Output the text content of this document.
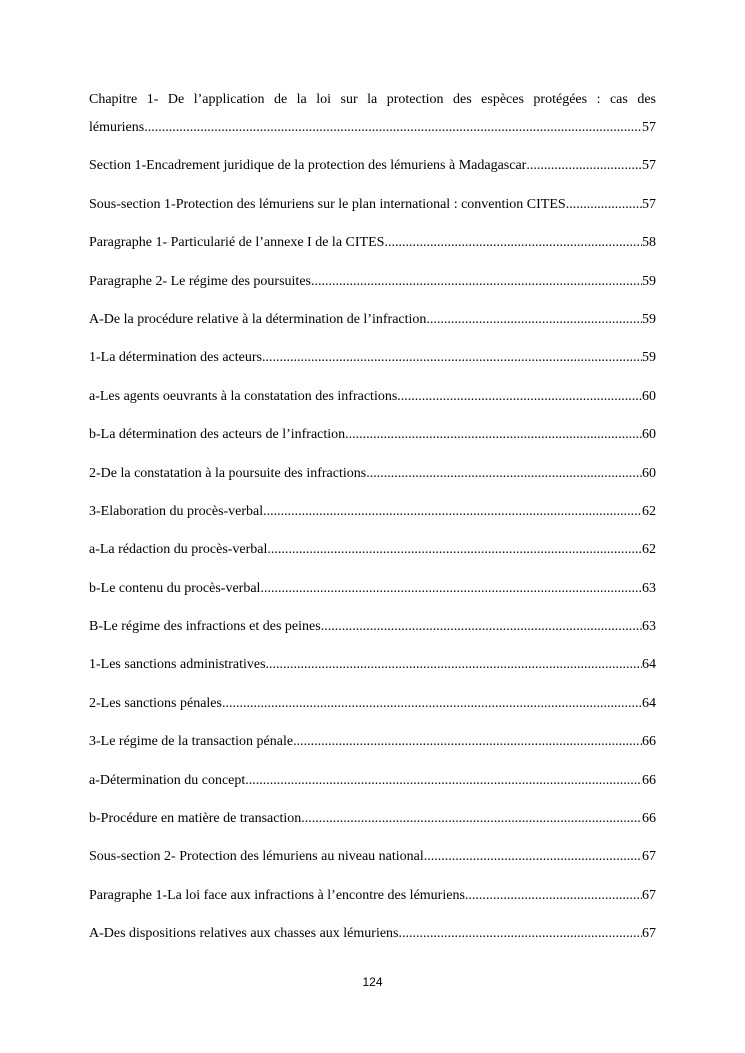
Chapitre 1- De l’application de la loi sur la protection des espèces protégées : cas des
lémuriens .....	57
Section 1-Encadrement juridique de la protection des lémuriens à Madagascar .....	57
Sous-section 1-Protection des lémuriens sur le plan international : convention CITES .....	57
Paragraphe 1- Particularié de l’annexe I de la CITES .....	58
Paragraphe 2- Le régime des poursuites .....	59
A-De la procédure relative à la détermination de l’infraction .....	59
1-La détermination des acteurs .....	59
a-Les agents oeuvrants à la constatation des infractions .....	60
b-La détermination des acteurs de l’infraction .....	60
2-De la constatation à la poursuite des infractions .....	60
3-Elaboration du procès-verbal .....	62
a-La rédaction du procès-verbal .....	62
b-Le contenu du procès-verbal .....	63
B-Le régime des infractions et des peines .....	63
1-Les sanctions administratives .....	64
2-Les sanctions pénales .....	64
3-Le régime de la transaction pénale .....	66
a-Détermination du concept .....	66
b-Procédure en matière de transaction .....	66
Sous-section 2- Protection des lémuriens au niveau national .....	67
Paragraphe 1-La loi face aux infractions à l’encontre des lémuriens .....	67
A-Des dispositions relatives aux chasses aux lémuriens .....	67
124
